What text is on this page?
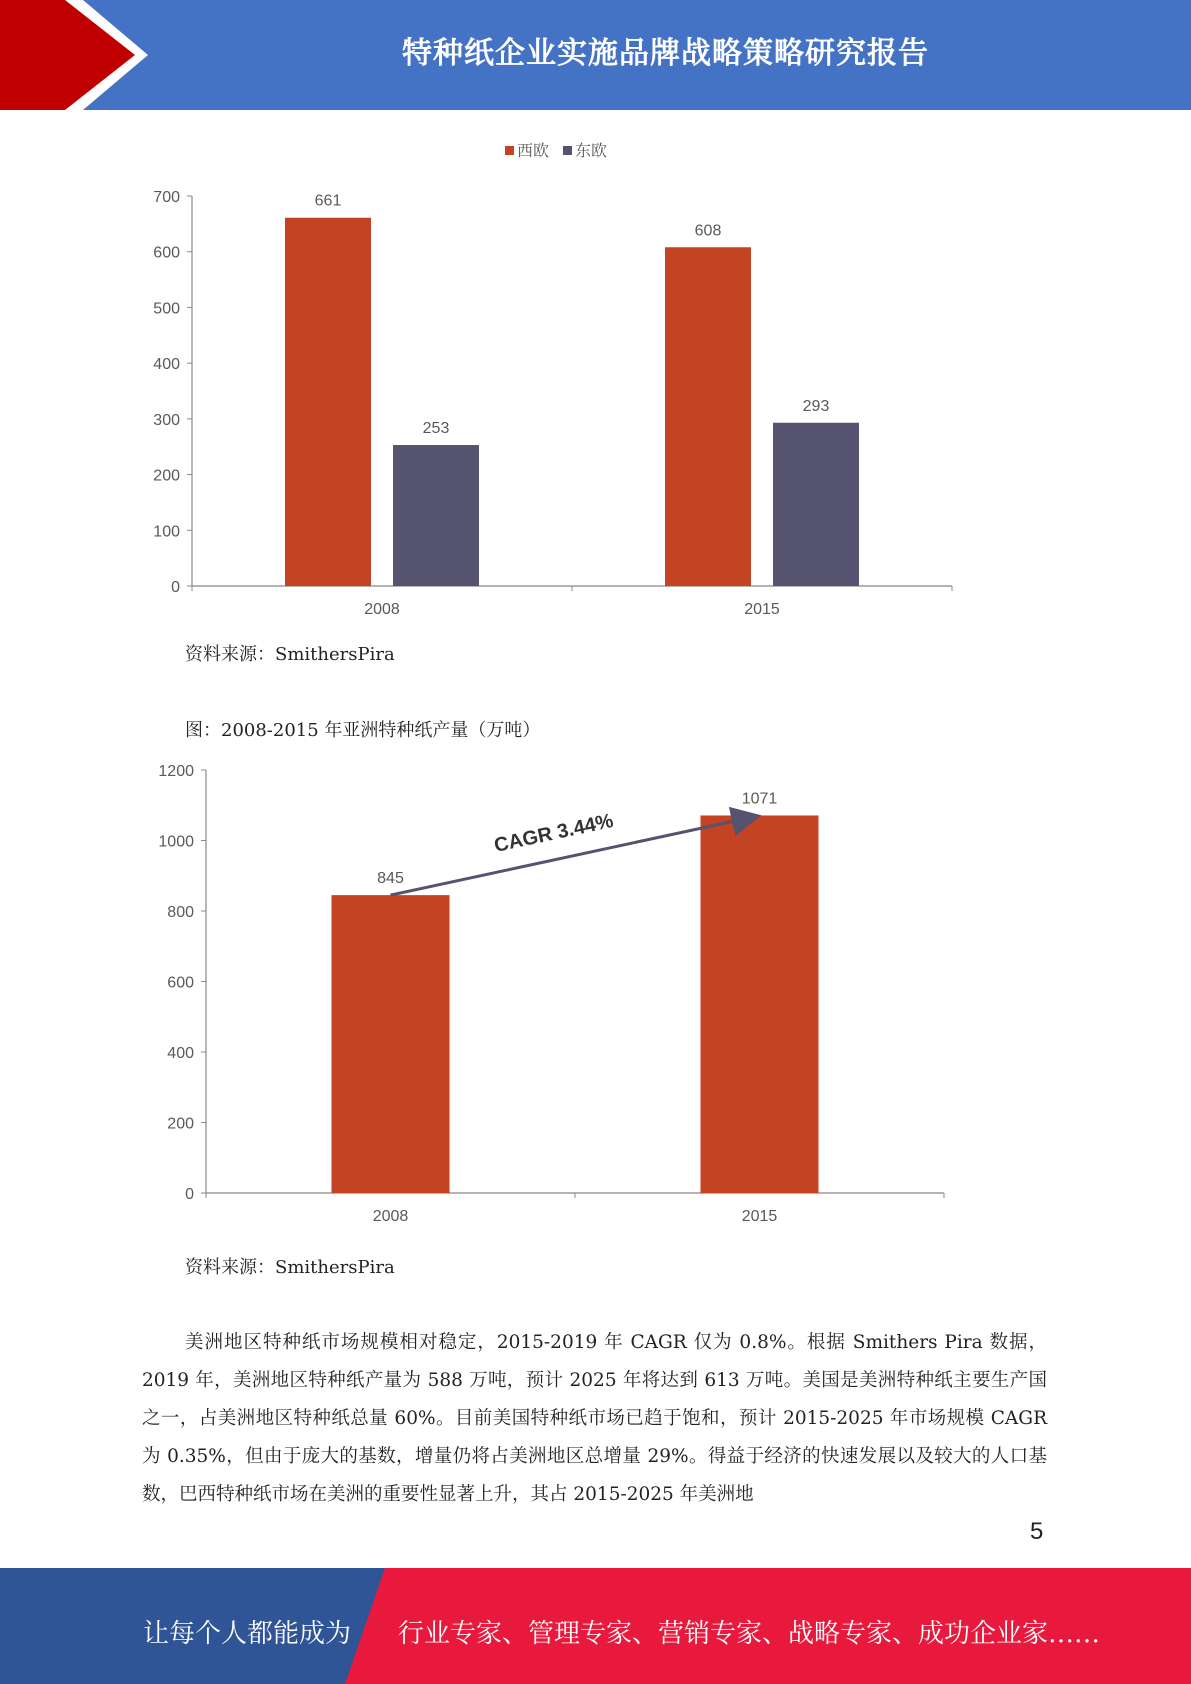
特种纸企业实施品牌战略策略研究报告
0
100
200
300
400
500
600
700
2008	2015
661
608
253
293
西欧 东欧
资料来源：SmithersPira
图：2008-2015 年亚洲特种纸产量（万吨）
0
200
400
600
800
1000
1200
2008	2015
845
1071
CAGR 3.44%
资料来源：SmithersPira

美洲地区特种纸市场规模相对稳定，2015-2019 年 CAGR 仅为 0.8%。根据 Smithers Pira 数据，2019 年，美洲地区特种纸产量为 588 万吨，预计 2025 年将达到 613 万吨。美国是美洲特种纸主要生产国之一，占美洲地区特种纸总量 60%。目前美国特种纸市场已趋于饱和，预计 2015-2025 年市场规模 CAGR 为 0.35%，但由于庞大的基数，增量仍将占美洲地区总增量 29%。得益于经济的快速发展以及较大的人口基数，巴西特种纸市场在美洲的重要性显著上升，其占 2015-2025 年美洲地

5
让每个人都能成为 行业专家、管理专家、营销专家、战略专家、成功企业家……
